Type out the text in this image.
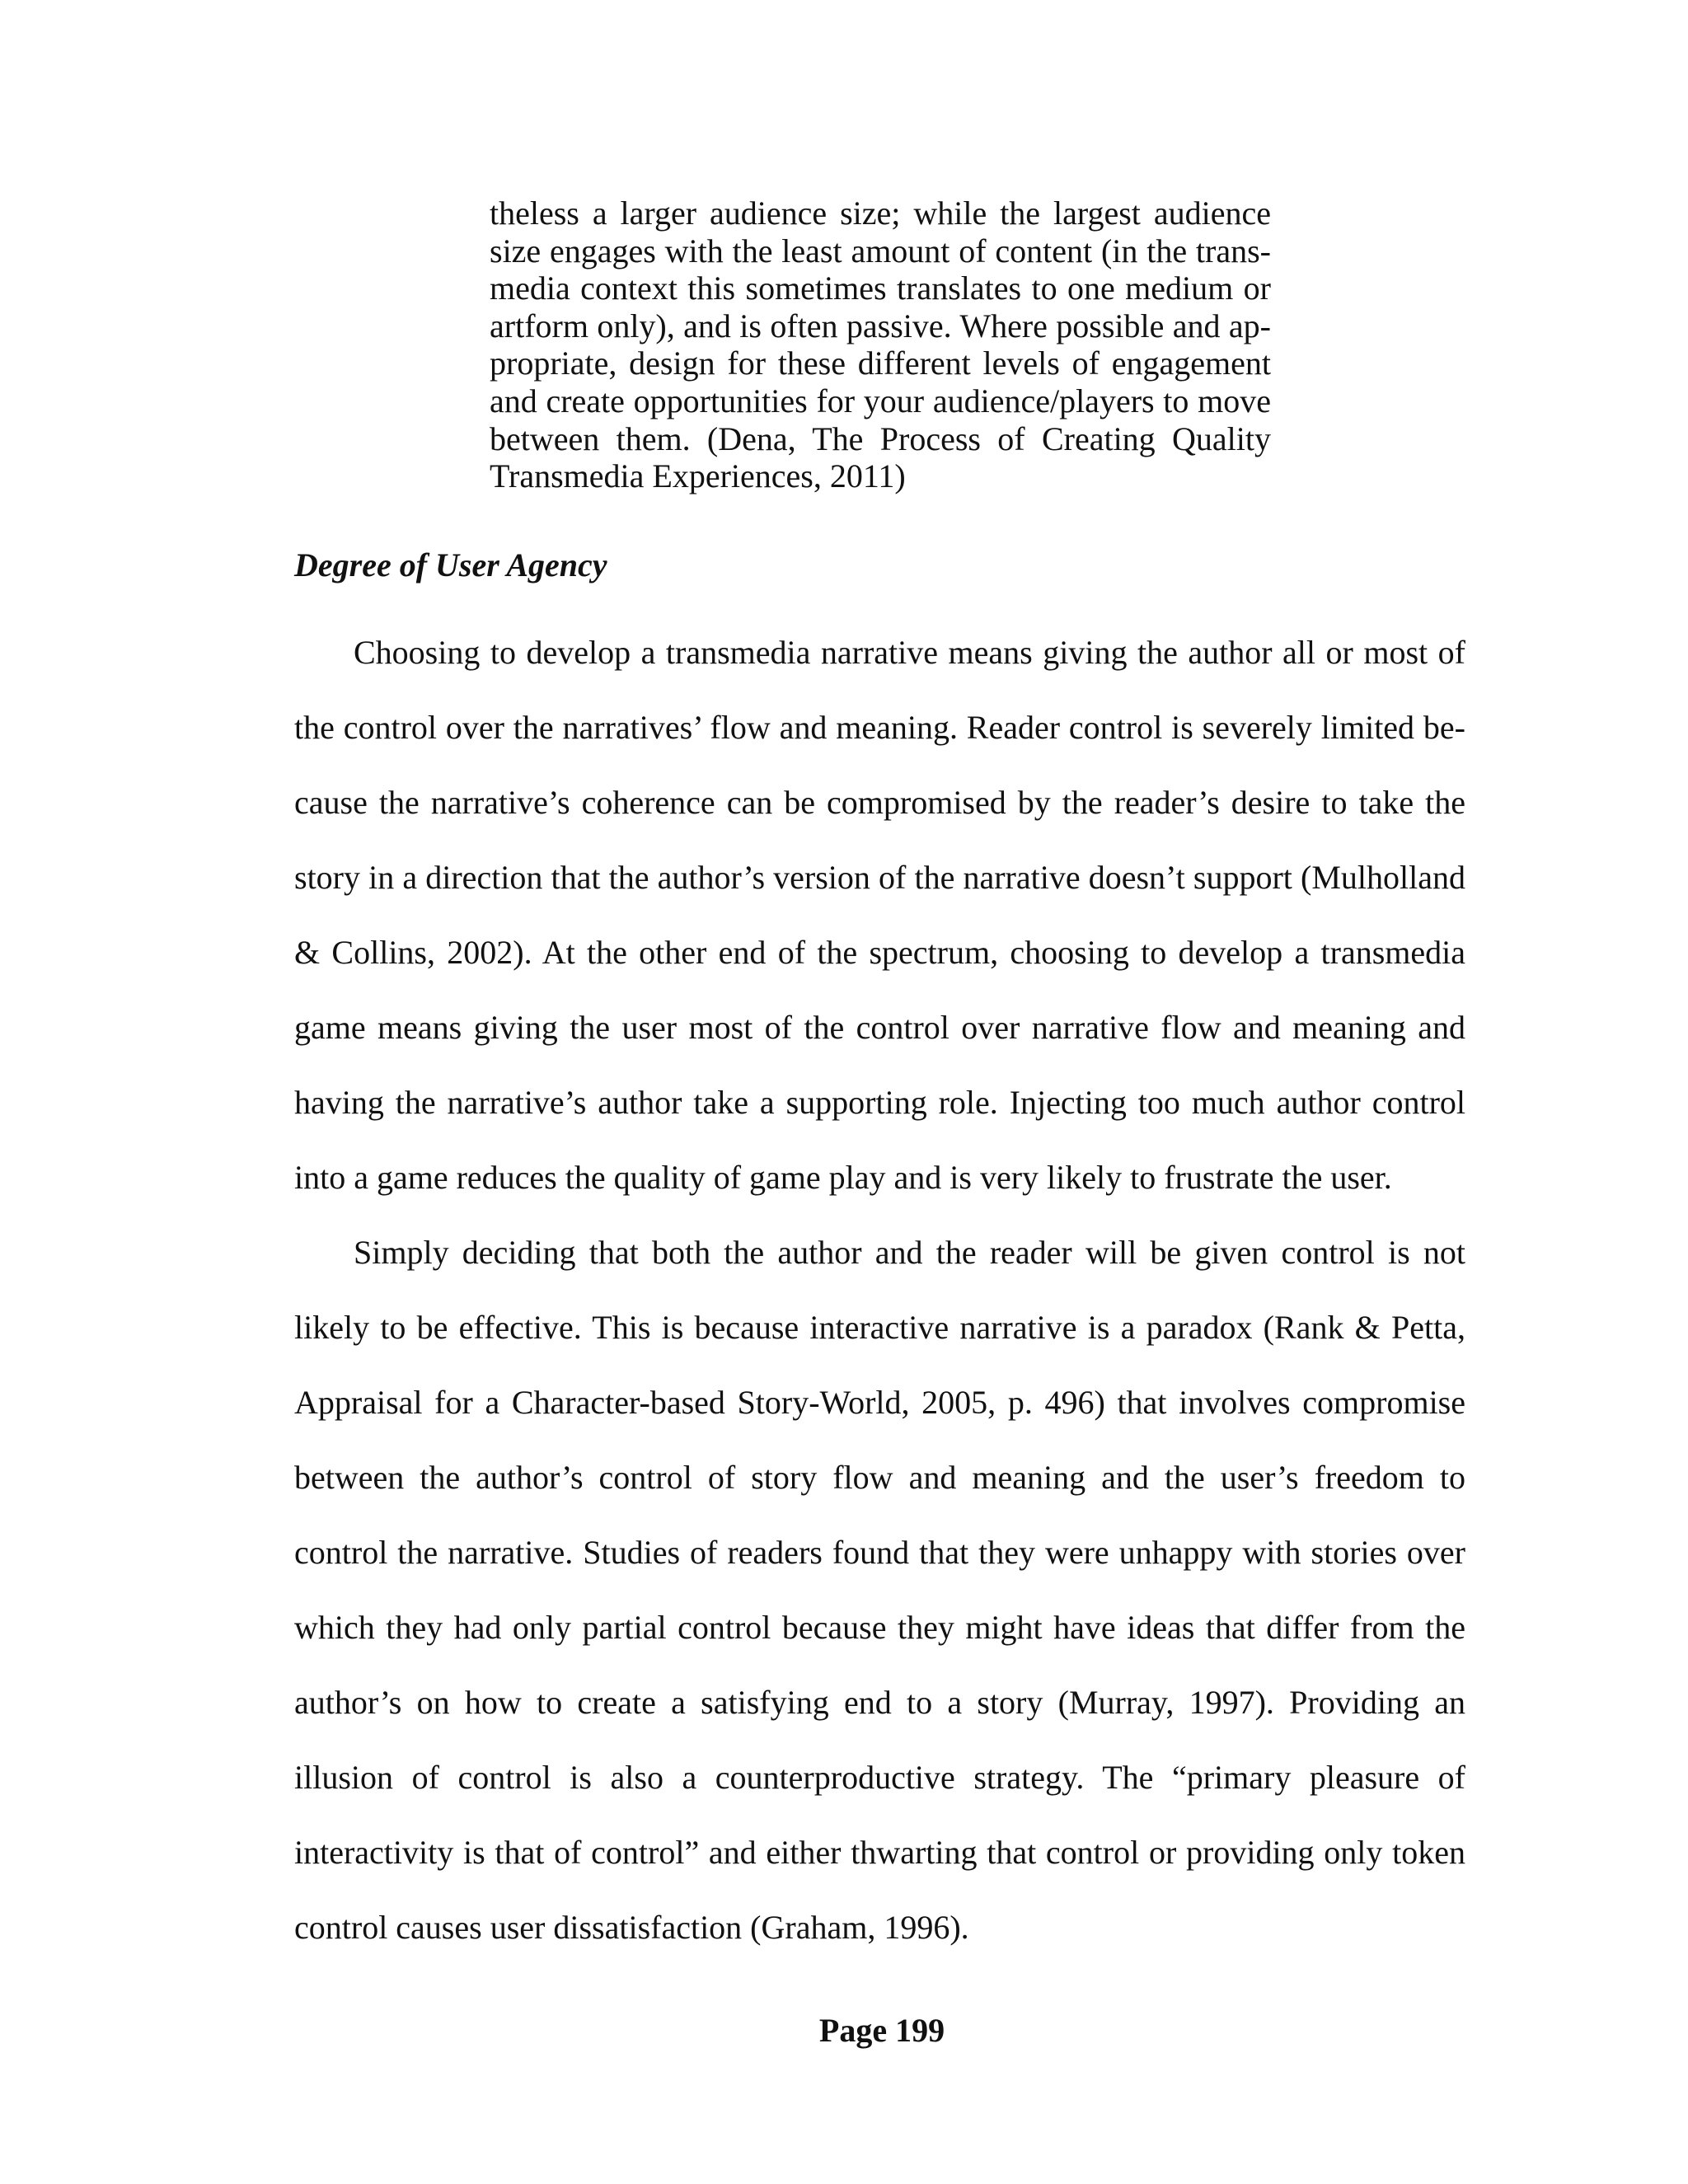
theless a larger audience size; while the largest audience size engages with the least amount of content (in the transmedia context this sometimes translates to one medium or artform only), and is often passive. Where possible and appropriate, design for these different levels of engagement and create opportunities for your audience/players to move between them. (Dena, The Process of Creating Quality Transmedia Experiences, 2011)

Degree of User Agency

Choosing to develop a transmedia narrative means giving the author all or most of the control over the narratives’ flow and meaning. Reader control is severely limited because the narrative’s coherence can be compromised by the reader’s desire to take the story in a direction that the author’s version of the narrative doesn’t support (Mulholland & Collins, 2002). At the other end of the spectrum, choosing to develop a transmedia game means giving the user most of the control over narrative flow and meaning and having the narrative’s author take a supporting role. Injecting too much author control into a game reduces the quality of game play and is very likely to frustrate the user.

Simply deciding that both the author and the reader will be given control is not likely to be effective. This is because interactive narrative is a paradox (Rank & Petta, Appraisal for a Character-based Story-World, 2005, p. 496) that involves compromise between the author’s control of story flow and meaning and the user’s freedom to control the narrative. Studies of readers found that they were unhappy with stories over which they had only partial control because they might have ideas that differ from the author’s on how to create a satisfying end to a story (Murray, 1997). Providing an illusion of control is also a counterproductive strategy. The “primary pleasure of interactivity is that of control” and either thwarting that control or providing only token control causes user dissatisfaction (Graham, 1996).

Page 199
